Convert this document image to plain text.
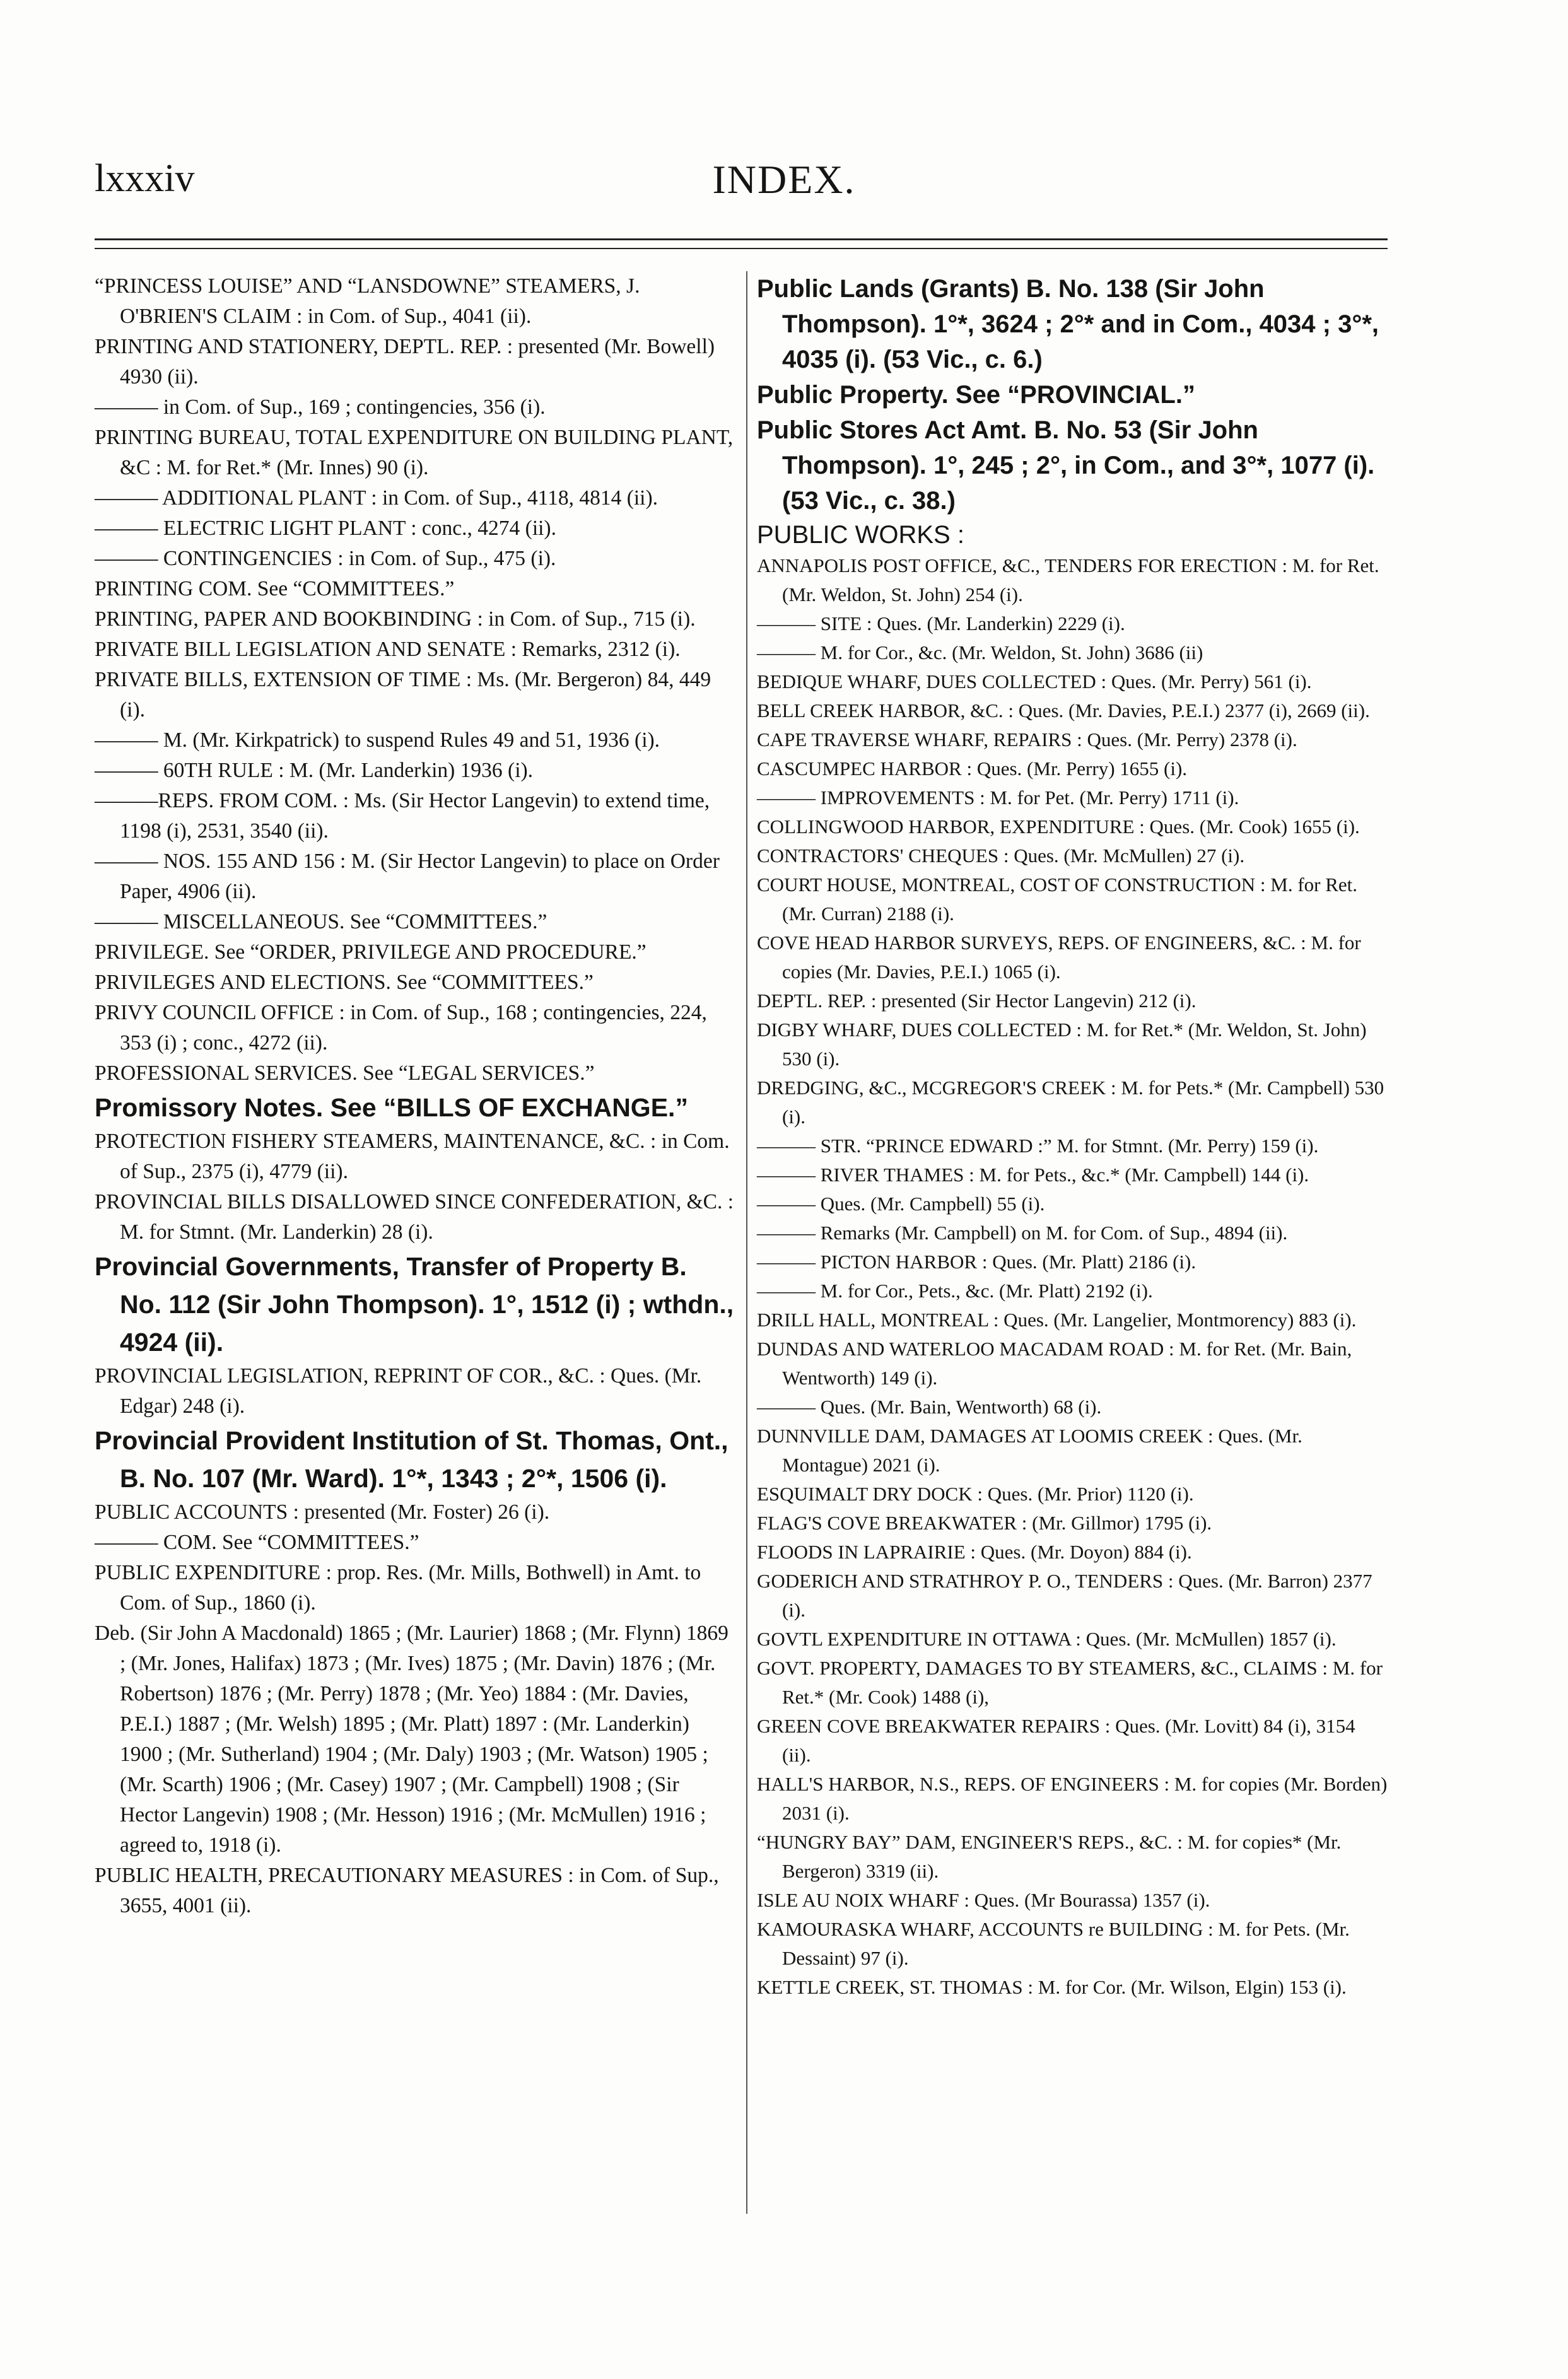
lxxxiv	INDEX.

“PRINCESS LOUISE” AND “LANSDOWNE” STEAMERS, J. O'BRIEN'S CLAIM : in Com. of Sup., 4041 (ii).

PRINTING AND STATIONERY, DEPTL. REP. : presented (Mr. Bowell) 4930 (ii).

——— in Com. of Sup., 169 ; contingencies, 356 (i).

PRINTING BUREAU, TOTAL EXPENDITURE ON BUILDING PLANT, &C : M. for Ret.* (Mr. Innes) 90 (i).

——— ADDITIONAL PLANT : in Com. of Sup., 4118, 4814 (ii).

——— ELECTRIC LIGHT PLANT : conc., 4274 (ii).

——— CONTINGENCIES : in Com. of Sup., 475 (i).

PRINTING COM. See “COMMITTEES.”

PRINTING, PAPER AND BOOKBINDING : in Com. of Sup., 715 (i).

PRIVATE BILL LEGISLATION AND SENATE : Remarks, 2312 (i).

PRIVATE BILLS, EXTENSION OF TIME : Ms. (Mr. Bergeron) 84, 449 (i).

——— M. (Mr. Kirkpatrick) to suspend Rules 49 and 51, 1936 (i).

——— 60TH RULE : M. (Mr. Landerkin) 1936 (i).

———REPS. FROM COM. : Ms. (Sir Hector Langevin) to extend time, 1198 (i), 2531, 3540 (ii).

——— NOS. 155 AND 156 : M. (Sir Hector Langevin) to place on Order Paper, 4906 (ii).

——— MISCELLANEOUS. See “COMMITTEES.”

PRIVILEGE. See “ORDER, PRIVILEGE AND PROCEDURE.”

PRIVILEGES AND ELECTIONS. See “COMMITTEES.”

PRIVY COUNCIL OFFICE : in Com. of Sup., 168 ; contingencies, 224, 353 (i) ; conc., 4272 (ii).

PROFESSIONAL SERVICES. See “LEGAL SERVICES.”

Promissory Notes. See “BILLS OF EXCHANGE.”

PROTECTION FISHERY STEAMERS, MAINTENANCE, &C. : in Com. of Sup., 2375 (i), 4779 (ii).

PROVINCIAL BILLS DISALLOWED SINCE CONFEDERATION, &C. : M. for Stmnt. (Mr. Landerkin) 28 (i).

Provincial Governments, Transfer of Property B. No. 112 (Sir John Thompson). 1°, 1512 (i) ; wthdn., 4924 (ii).

PROVINCIAL LEGISLATION, REPRINT OF COR., &C. : Ques. (Mr. Edgar) 248 (i).

Provincial Provident Institution of St. Thomas, Ont., B. No. 107 (Mr. Ward). 1°*, 1343 ; 2°*, 1506 (i).

PUBLIC ACCOUNTS : presented (Mr. Foster) 26 (i).

——— COM. See “COMMITTEES.”

PUBLIC EXPENDITURE : prop. Res. (Mr. Mills, Bothwell) in Amt. to Com. of Sup., 1860 (i).

Deb. (Sir John A Macdonald) 1865 ; (Mr. Laurier) 1868 ; (Mr. Flynn) 1869 ; (Mr. Jones, Halifax) 1873 ; (Mr. Ives) 1875 ; (Mr. Davin) 1876 ; (Mr. Robertson) 1876 ; (Mr. Perry) 1878 ; (Mr. Yeo) 1884 : (Mr. Davies, P.E.I.) 1887 ; (Mr. Welsh) 1895 ; (Mr. Platt) 1897 : (Mr. Landerkin) 1900 ; (Mr. Sutherland) 1904 ; (Mr. Daly) 1903 ; (Mr. Watson) 1905 ; (Mr. Scarth) 1906 ; (Mr. Casey) 1907 ; (Mr. Campbell) 1908 ; (Sir Hector Langevin) 1908 ; (Mr. Hesson) 1916 ; (Mr. McMullen) 1916 ; agreed to, 1918 (i).

PUBLIC HEALTH, PRECAUTIONARY MEASURES : in Com. of Sup., 3655, 4001 (ii).

Public Lands (Grants) B. No. 138 (Sir John Thompson). 1°*, 3624 ; 2°* and in Com., 4034 ; 3°*, 4035 (i). (53 Vic., c. 6.)

Public Property. See “PROVINCIAL.”

Public Stores Act Amt. B. No. 53 (Sir John Thompson). 1°, 245 ; 2°, in Com., and 3°*, 1077 (i). (53 Vic., c. 38.)

PUBLIC WORKS :

ANNAPOLIS POST OFFICE, &C., TENDERS FOR ERECTION : M. for Ret. (Mr. Weldon, St. John) 254 (i).

——— SITE : Ques. (Mr. Landerkin) 2229 (i).

——— M. for Cor., &c. (Mr. Weldon, St. John) 3686 (ii)

BEDIQUE WHARF, DUES COLLECTED : Ques. (Mr. Perry) 561 (i).

BELL CREEK HARBOR, &C. : Ques. (Mr. Davies, P.E.I.) 2377 (i), 2669 (ii).

CAPE TRAVERSE WHARF, REPAIRS : Ques. (Mr. Perry) 2378 (i).

CASCUMPEC HARBOR : Ques. (Mr. Perry) 1655 (i).

——— IMPROVEMENTS : M. for Pet. (Mr. Perry) 1711 (i).

COLLINGWOOD HARBOR, EXPENDITURE : Ques. (Mr. Cook) 1655 (i).

CONTRACTORS' CHEQUES : Ques. (Mr. McMullen) 27 (i).

COURT HOUSE, MONTREAL, COST OF CONSTRUCTION : M. for Ret. (Mr. Curran) 2188 (i).

COVE HEAD HARBOR SURVEYS, REPS. OF ENGINEERS, &C. : M. for copies (Mr. Davies, P.E.I.) 1065 (i).

DEPTL. REP. : presented (Sir Hector Langevin) 212 (i).

DIGBY WHARF, DUES COLLECTED : M. for Ret.* (Mr. Weldon, St. John) 530 (i).

DREDGING, &C., MCGREGOR'S CREEK : M. for Pets.* (Mr. Campbell) 530 (i).

——— STR. “PRINCE EDWARD :” M. for Stmnt. (Mr. Perry) 159 (i).

——— RIVER THAMES : M. for Pets., &c.* (Mr. Campbell) 144 (i).

——— Ques. (Mr. Campbell) 55 (i).

——— Remarks (Mr. Campbell) on M. for Com. of Sup., 4894 (ii).

——— PICTON HARBOR : Ques. (Mr. Platt) 2186 (i).

——— M. for Cor., Pets., &c. (Mr. Platt) 2192 (i).

DRILL HALL, MONTREAL : Ques. (Mr. Langelier, Montmorency) 883 (i).

DUNDAS AND WATERLOO MACADAM ROAD : M. for Ret. (Mr. Bain, Wentworth) 149 (i).

——— Ques. (Mr. Bain, Wentworth) 68 (i).

DUNNVILLE DAM, DAMAGES AT LOOMIS CREEK : Ques. (Mr. Montague) 2021 (i).

ESQUIMALT DRY DOCK : Ques. (Mr. Prior) 1120 (i).

FLAG'S COVE BREAKWATER : (Mr. Gillmor) 1795 (i).

FLOODS IN LAPRAIRIE : Ques. (Mr. Doyon) 884 (i).

GODERICH AND STRATHROY P. O., TENDERS : Ques. (Mr. Barron) 2377 (i).

GOVTL EXPENDITURE IN OTTAWA : Ques. (Mr. McMullen) 1857 (i).

GOVT. PROPERTY, DAMAGES TO BY STEAMERS, &C., CLAIMS : M. for Ret.* (Mr. Cook) 1488 (i),

GREEN COVE BREAKWATER REPAIRS : Ques. (Mr. Lovitt) 84 (i), 3154 (ii).

HALL'S HARBOR, N.S., REPS. OF ENGINEERS : M. for copies (Mr. Borden) 2031 (i).

“HUNGRY BAY” DAM, ENGINEER'S REPS., &C. : M. for copies* (Mr. Bergeron) 3319 (ii).

ISLE AU NOIX WHARF : Ques. (Mr Bourassa) 1357 (i).

KAMOURASKA WHARF, ACCOUNTS re BUILDING : M. for Pets. (Mr. Dessaint) 97 (i).

KETTLE CREEK, ST. THOMAS : M. for Cor. (Mr. Wilson, Elgin) 153 (i).
